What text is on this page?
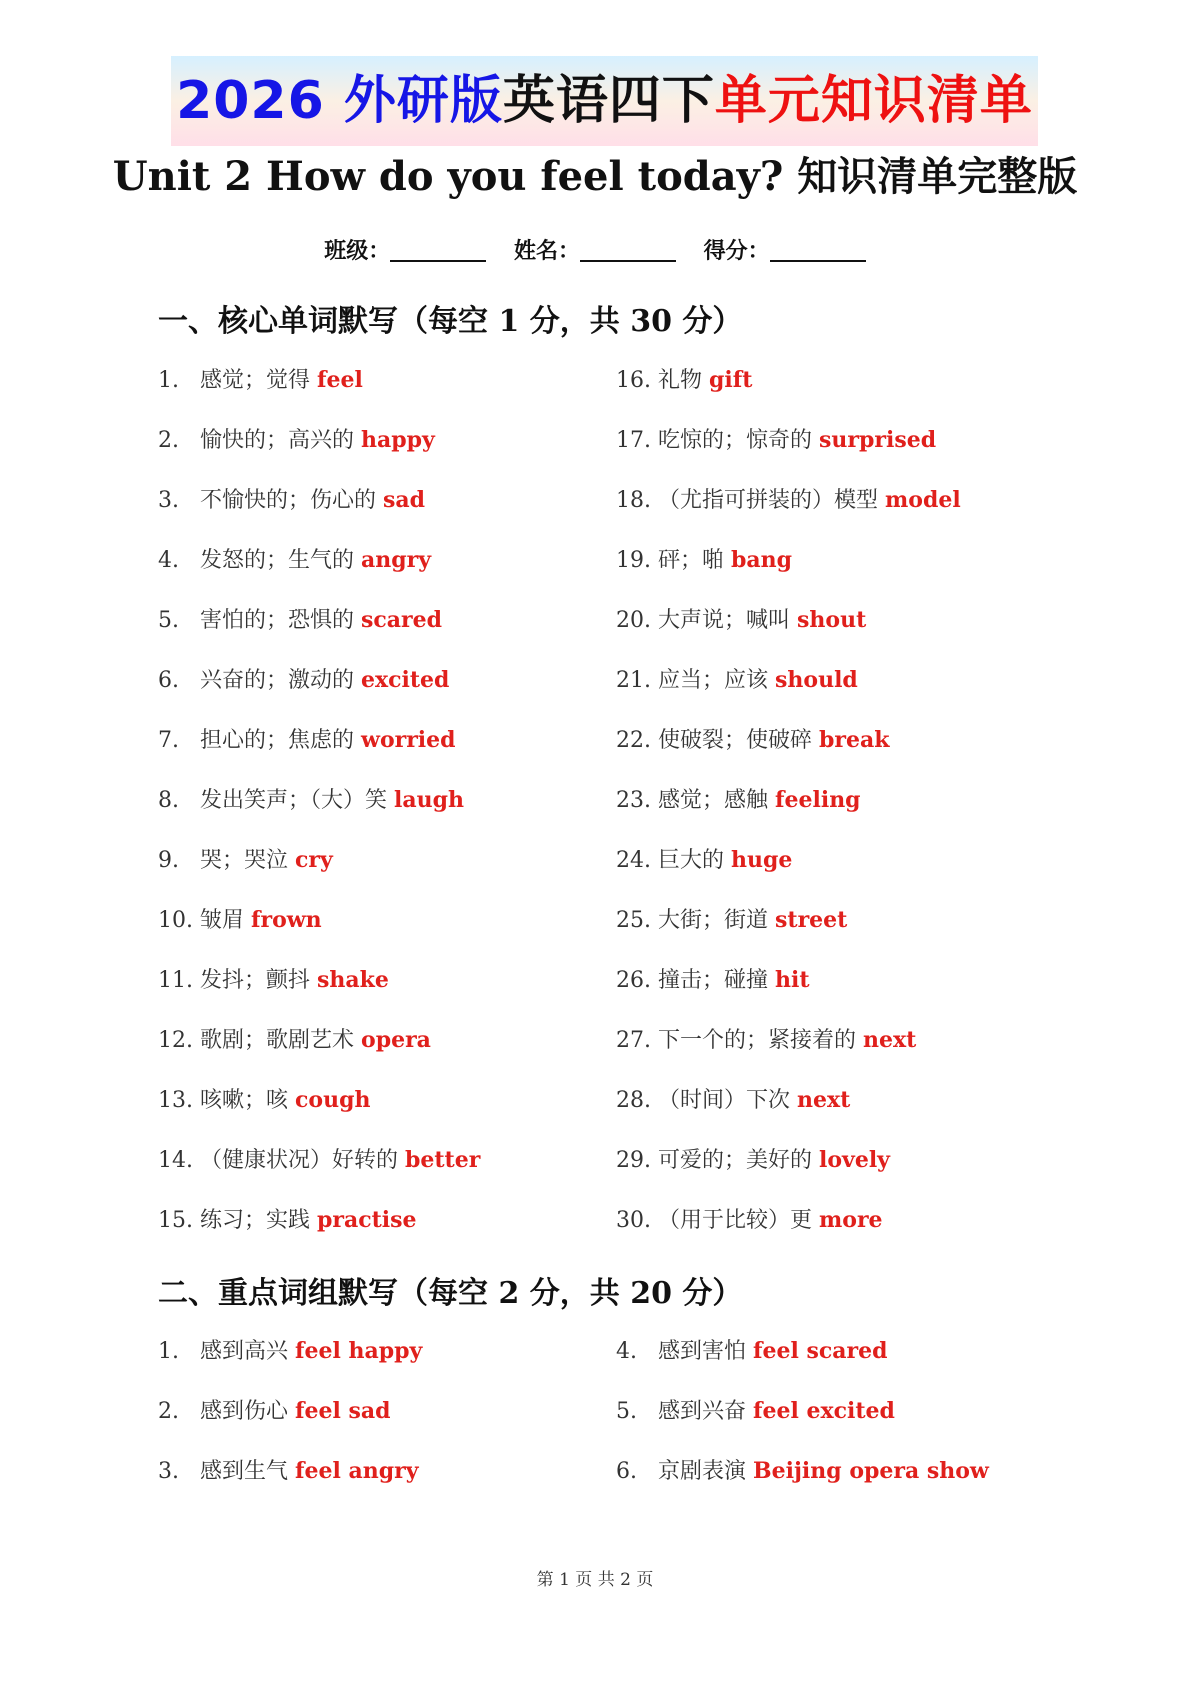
2026 外研版英语四下单元知识清单
Unit 2 How do you feel today? 知识清单完整版
班级：	姓名：	得分：
一、核心单词默写（每空 1 分，共 30 分）
1. 感觉；觉得 feel
2. 愉快的；高兴的 happy
3. 不愉快的；伤心的 sad
4. 发怒的；生气的 angry
5. 害怕的；恐惧的 scared
6. 兴奋的；激动的 excited
7. 担心的；焦虑的 worried
8. 发出笑声；（大）笑 laugh
9. 哭；哭泣 cry
10. 皱眉 frown
11. 发抖；颤抖 shake
12. 歌剧；歌剧艺术 opera
13. 咳嗽；咳 cough
14. （健康状况）好转的 better
15. 练习；实践 practise
16. 礼物 gift
17. 吃惊的；惊奇的 surprised
18. （尤指可拼装的）模型 model
19. 砰；啪 bang
20. 大声说；喊叫 shout
21. 应当；应该 should
22. 使破裂；使破碎 break
23. 感觉；感触 feeling
24. 巨大的 huge
25. 大街；街道 street
26. 撞击；碰撞 hit
27. 下一个的；紧接着的 next
28. （时间）下次 next
29. 可爱的；美好的 lovely
30. （用于比较）更 more
二、重点词组默写（每空 2 分，共 20 分）
1. 感到高兴 feel happy
2. 感到伤心 feel sad
3. 感到生气 feel angry
4. 感到害怕 feel scared
5. 感到兴奋 feel excited
6. 京剧表演 Beijing opera show
第 1 页 共 2 页
